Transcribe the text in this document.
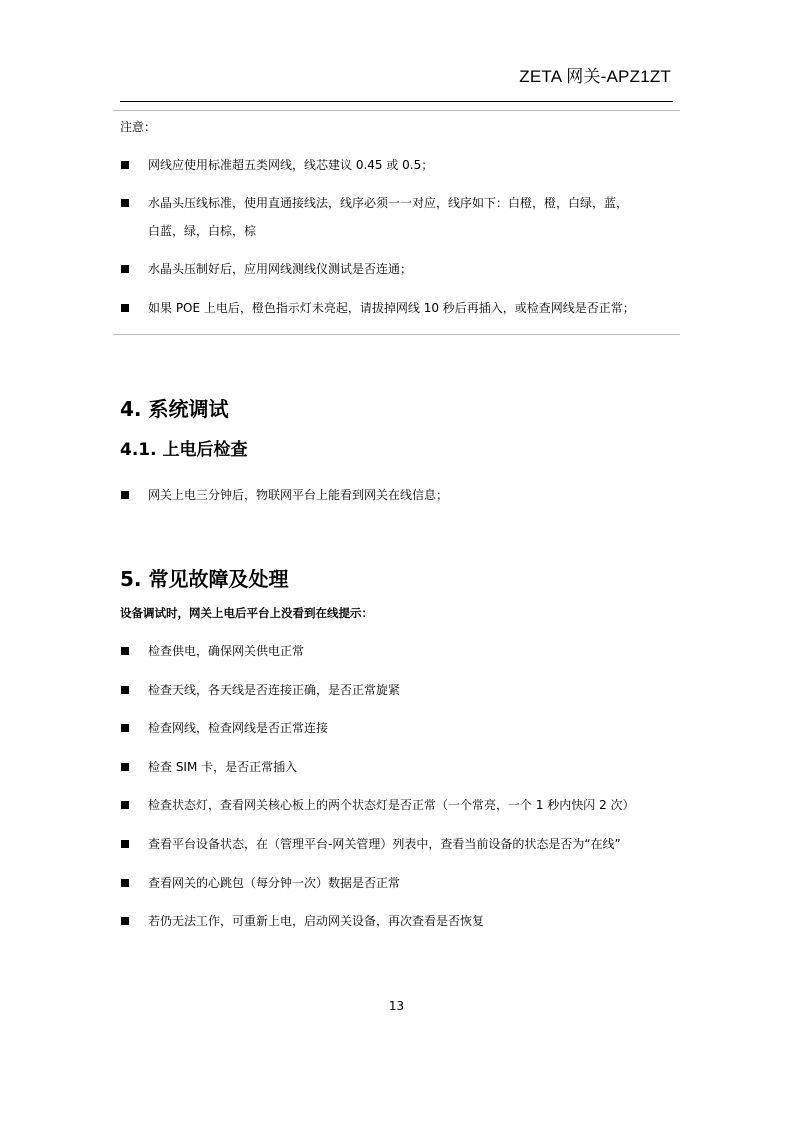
ZETA 网关-APZ1ZT
注意：
网线应使用标准超五类网线，线芯建议 0.45 或 0.5；
水晶头压线标准，使用直通接线法，线序必须一一对应，线序如下：白橙，橙，白绿，蓝，
白蓝，绿，白棕，棕
水晶头压制好后，应用网线测线仪测试是否连通；
如果 POE 上电后，橙色指示灯未亮起，请拔掉网线 10 秒后再插入，或检查网线是否正常；
4. 系统调试
4.1. 上电后检查
网关上电三分钟后，物联网平台上能看到网关在线信息；
5. 常见故障及处理
设备调试时，网关上电后平台上没看到在线提示：
检查供电，确保网关供电正常
检查天线，各天线是否连接正确，是否正常旋紧
检查网线，检查网线是否正常连接
检查 SIM 卡，是否正常插入
检查状态灯，查看网关核心板上的两个状态灯是否正常（一个常亮，一个 1 秒内快闪 2 次）
查看平台设备状态，在（管理平台-网关管理）列表中，查看当前设备的状态是否为“在线”
查看网关的心跳包（每分钟一次）数据是否正常
若仍无法工作，可重新上电，启动网关设备，再次查看是否恢复
13
